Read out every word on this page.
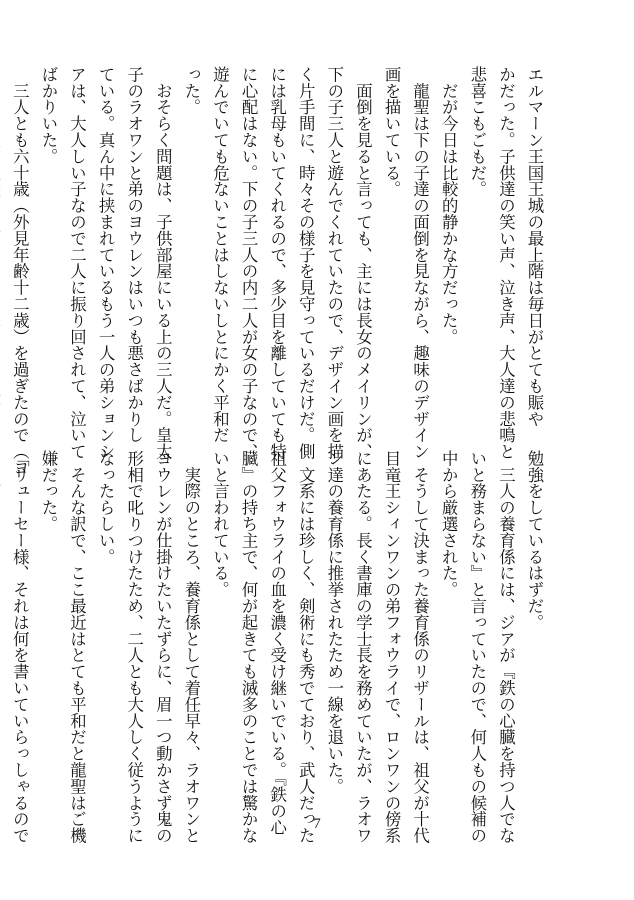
エルマーン王国王城の最上階は毎日がとても賑や
かだった。子供達の笑い声、泣き声、大人達の悲鳴と
悲喜こもごもだ。
　だが今日は比較的静かな方だった。
　龍聖は下の子達の面倒を見ながら、趣味のデザイン
画を描いている。
　面倒を見ると言っても、主には長女のメイリンが、
下の子三人と遊んでくれていたので、デザイン画を描
く片手間に、時々その様子を見守っているだけだ。側
には乳母もいてくれるので、多少目を離していても特
に心配はない。下の子三人の内二人が女の子なので、
遊んでいても危ないことはしないしとにかく平和だ
った。
　おそらく問題は、子供部屋にいる上の三人だ。皇太
子のラオワンと弟のヨウレンはいつも悪さばかりし
ている。真ん中に挟まれているもう一人の弟ションシ
アは、大人しい子なので二人に振り回されて、泣いて
ばかりいた。
　三人とも六十歳（外見年齢十二歳）を過ぎたので（ヨ
勉強をしているはずだ。
　三人の養育係には、ジアが『鉄の心臓を持つ人でな
いと務まらない』と言っていたので、何人もの候補の
中から厳選された。
　そうして決まった養育係のリザールは、祖父が十代
目竜王シィンワンの弟フォウライで、ロンワンの傍系
にあたる。長く書庫の学士長を務めていたが、ラオワ
ン達の養育係に推挙されたため一線を退いた。
　文系には珍しく、剣術にも秀でており、武人だった
祖父フォウライの血を濃く受け継いでいる。『鉄の心
臓』の持ち主で、何が起きても滅多のことでは驚かな
いと言われている。
　実際のところ、養育係として着任早々、ラオワンと
ヨウレンが仕掛けたいたずらに、眉一つ動かさず鬼の
形相で叱りつけたため、二人とも大人しく従うように
なったらしい。
　そんな訳で、ここ最近はとても平和だと龍聖はご機
嫌だった。
「リューセー様、それは何を書いていらっしゃるので	7
